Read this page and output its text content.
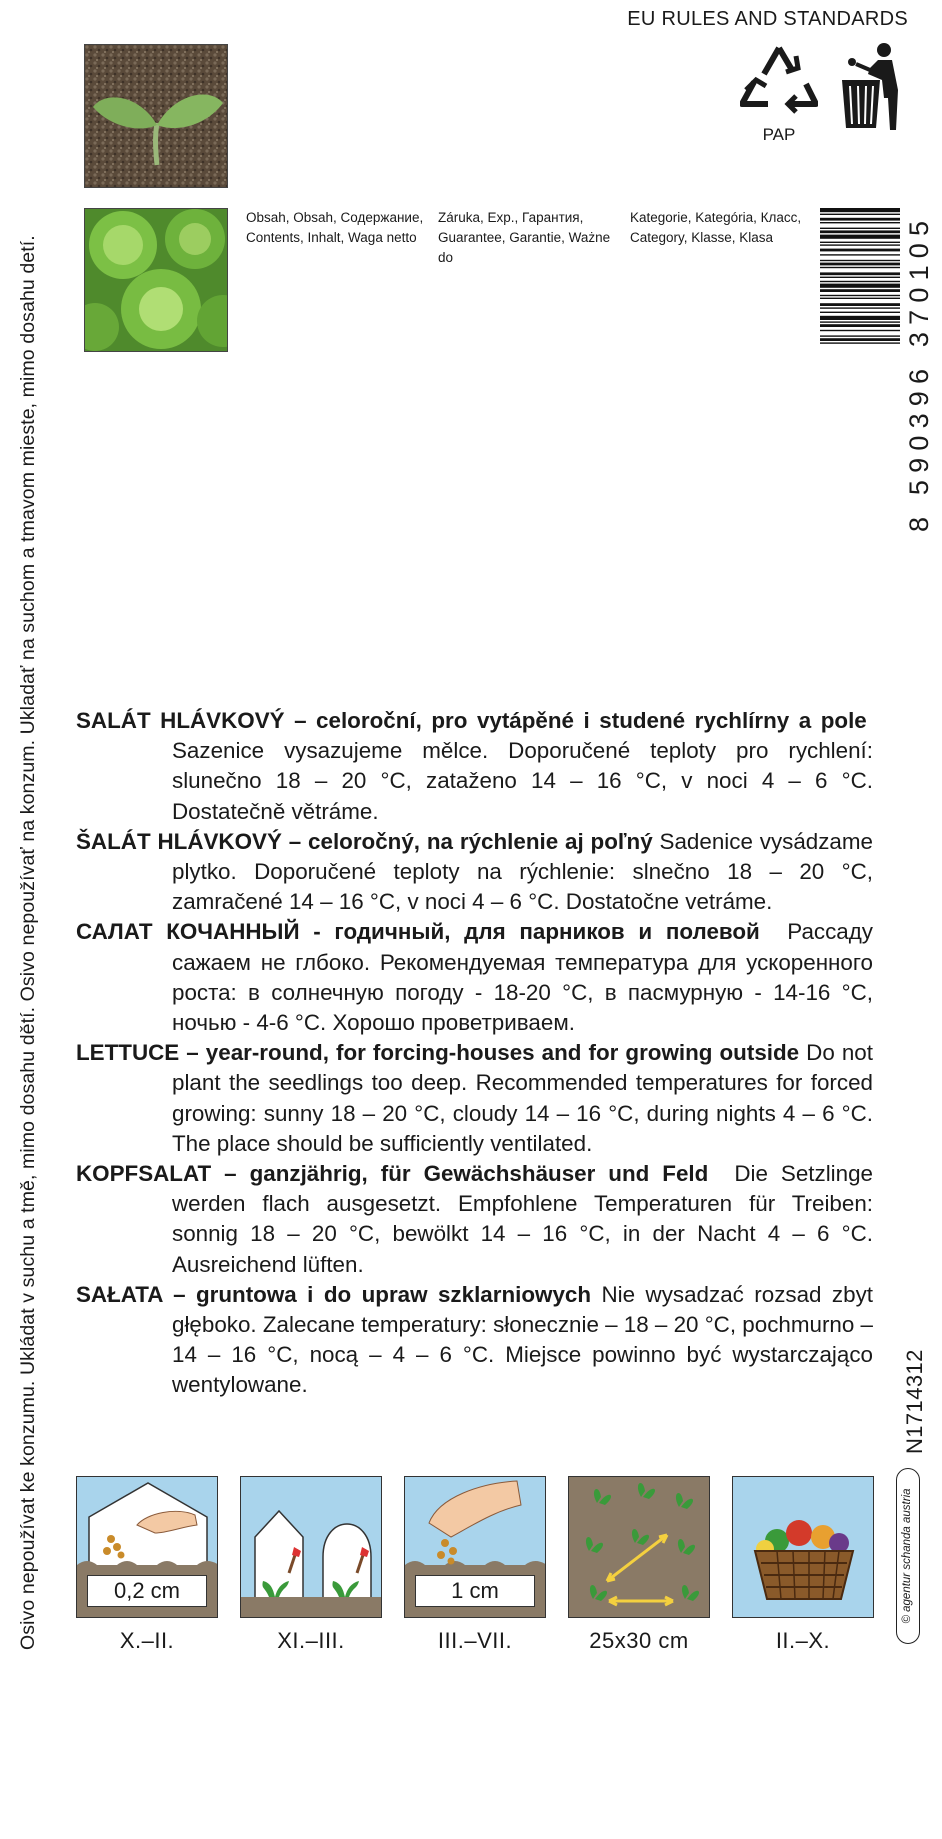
Osivo nepoužívat ke konzumu. Ukládat v suchu a tmě, mimo dosahu dětí. Osivo nepoužívať na konzum. Ukladať na suchom a tmavom mieste, mimo dosahu detí.
EU RULES AND STANDARDS
PAP
Obsah, Obsah, Содержание,
Contents, Inhalt, Waga netto
Záruka, Exp., Гарантия,
Guarantee, Garantie, Ważne do
Kategorie, Kategória, Класс,
Category, Klasse, Klasa	8 590396 370105

SALÁT HLÁVKOVÝ – celoroční, pro vytápěné i studené rychlírny a pole  Sazenice vysazujeme mělce. Doporučené teploty pro rychlení: slunečno 18 – 20 °C, zataženo 14 – 16 °C, v noci 4 – 6 °C. Dostatečně větráme.

ŠALÁT HLÁVKOVÝ – celoročný, na rýchlenie aj poľný Sadenice vysádzame plytko. Doporučené teploty na rýchlenie: slnečno 18 – 20 °C, zamračené 14 – 16 °C, v noci 4 – 6 °C. Dostatočne vetráme.

САЛАТ КОЧАННЫЙ - годичный, для парников и полевой Рассаду сажаем не глбоко. Рекомендуемая температура для ускоренного роста: в солнечную погоду - 18-20 °C, в пасмурную - 14-16 °C, ночью - 4-6 °C. Хорошо проветриваем.

LETTUCE – year-round, for forcing-houses and for growing outside Do not plant the seedlings too deep. Recommended temperatures for forced growing: sunny 18 – 20 °C, cloudy 14 – 16 °C, during nights 4 – 6 °C. The place should be sufficiently ventilated.

KOPFSALAT – ganzjährig, für Gewächshäuser und Feld Die Setzlinge werden flach ausgesetzt. Empfohlene Temperaturen für Treiben: sonnig 18 – 20 °C, bewölkt 14 – 16 °C, in der Nacht 4 – 6 °C. Ausreichend lüften.

SAŁATA – gruntowa i do upraw szklarniowych Nie wysadzać rozsad zbyt głęboko. Zalecane temperatury: słonecznie – 18 – 20 °C, pochmurno – 14 – 16 °C, nocą – 4 – 6 °C. Miejsce powinno być wystarczająco wentylowane.	N1714312
© agentur schanda austria
0,2 cm	1 cm
X.–II.	XI.–III.	III.–VII.	25x30 cm	II.–X.
